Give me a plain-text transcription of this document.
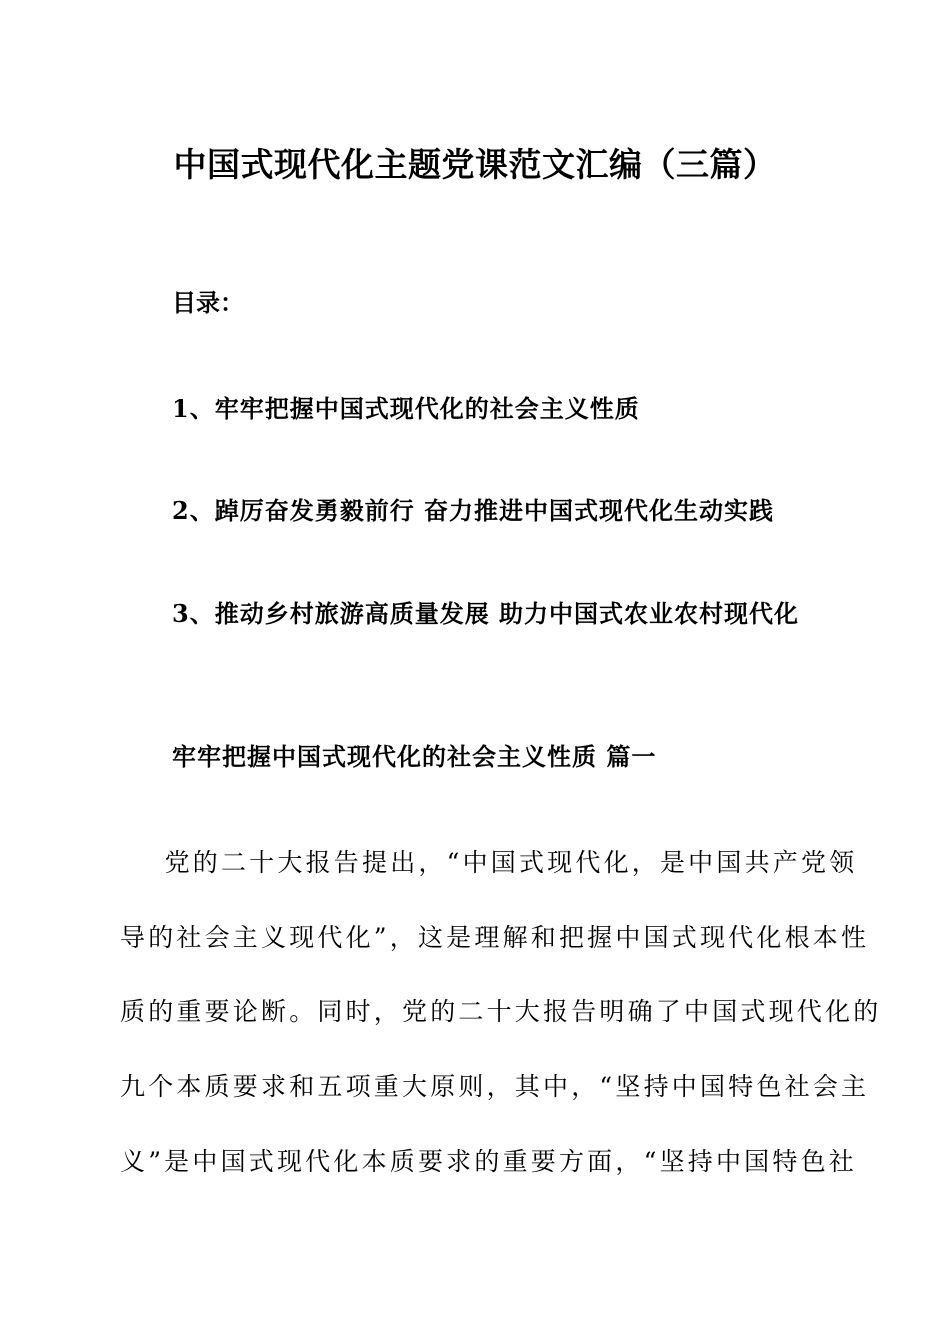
中国式现代化主题党课范文汇编（三篇）
目录：
1、牢牢把握中国式现代化的社会主义性质
2、踔厉奋发勇毅前行 奋力推进中国式现代化生动实践
3、推动乡村旅游高质量发展 助力中国式农业农村现代化
牢牢把握中国式现代化的社会主义性质 篇一
党的二十大报告提出，“中国式现代化，是中国共产党领
导的社会主义现代化”，这是理解和把握中国式现代化根本性
质的重要论断。同时，党的二十大报告明确了中国式现代化的
九个本质要求和五项重大原则，其中，“坚持中国特色社会主
义”是中国式现代化本质要求的重要方面，“坚持中国特色社
